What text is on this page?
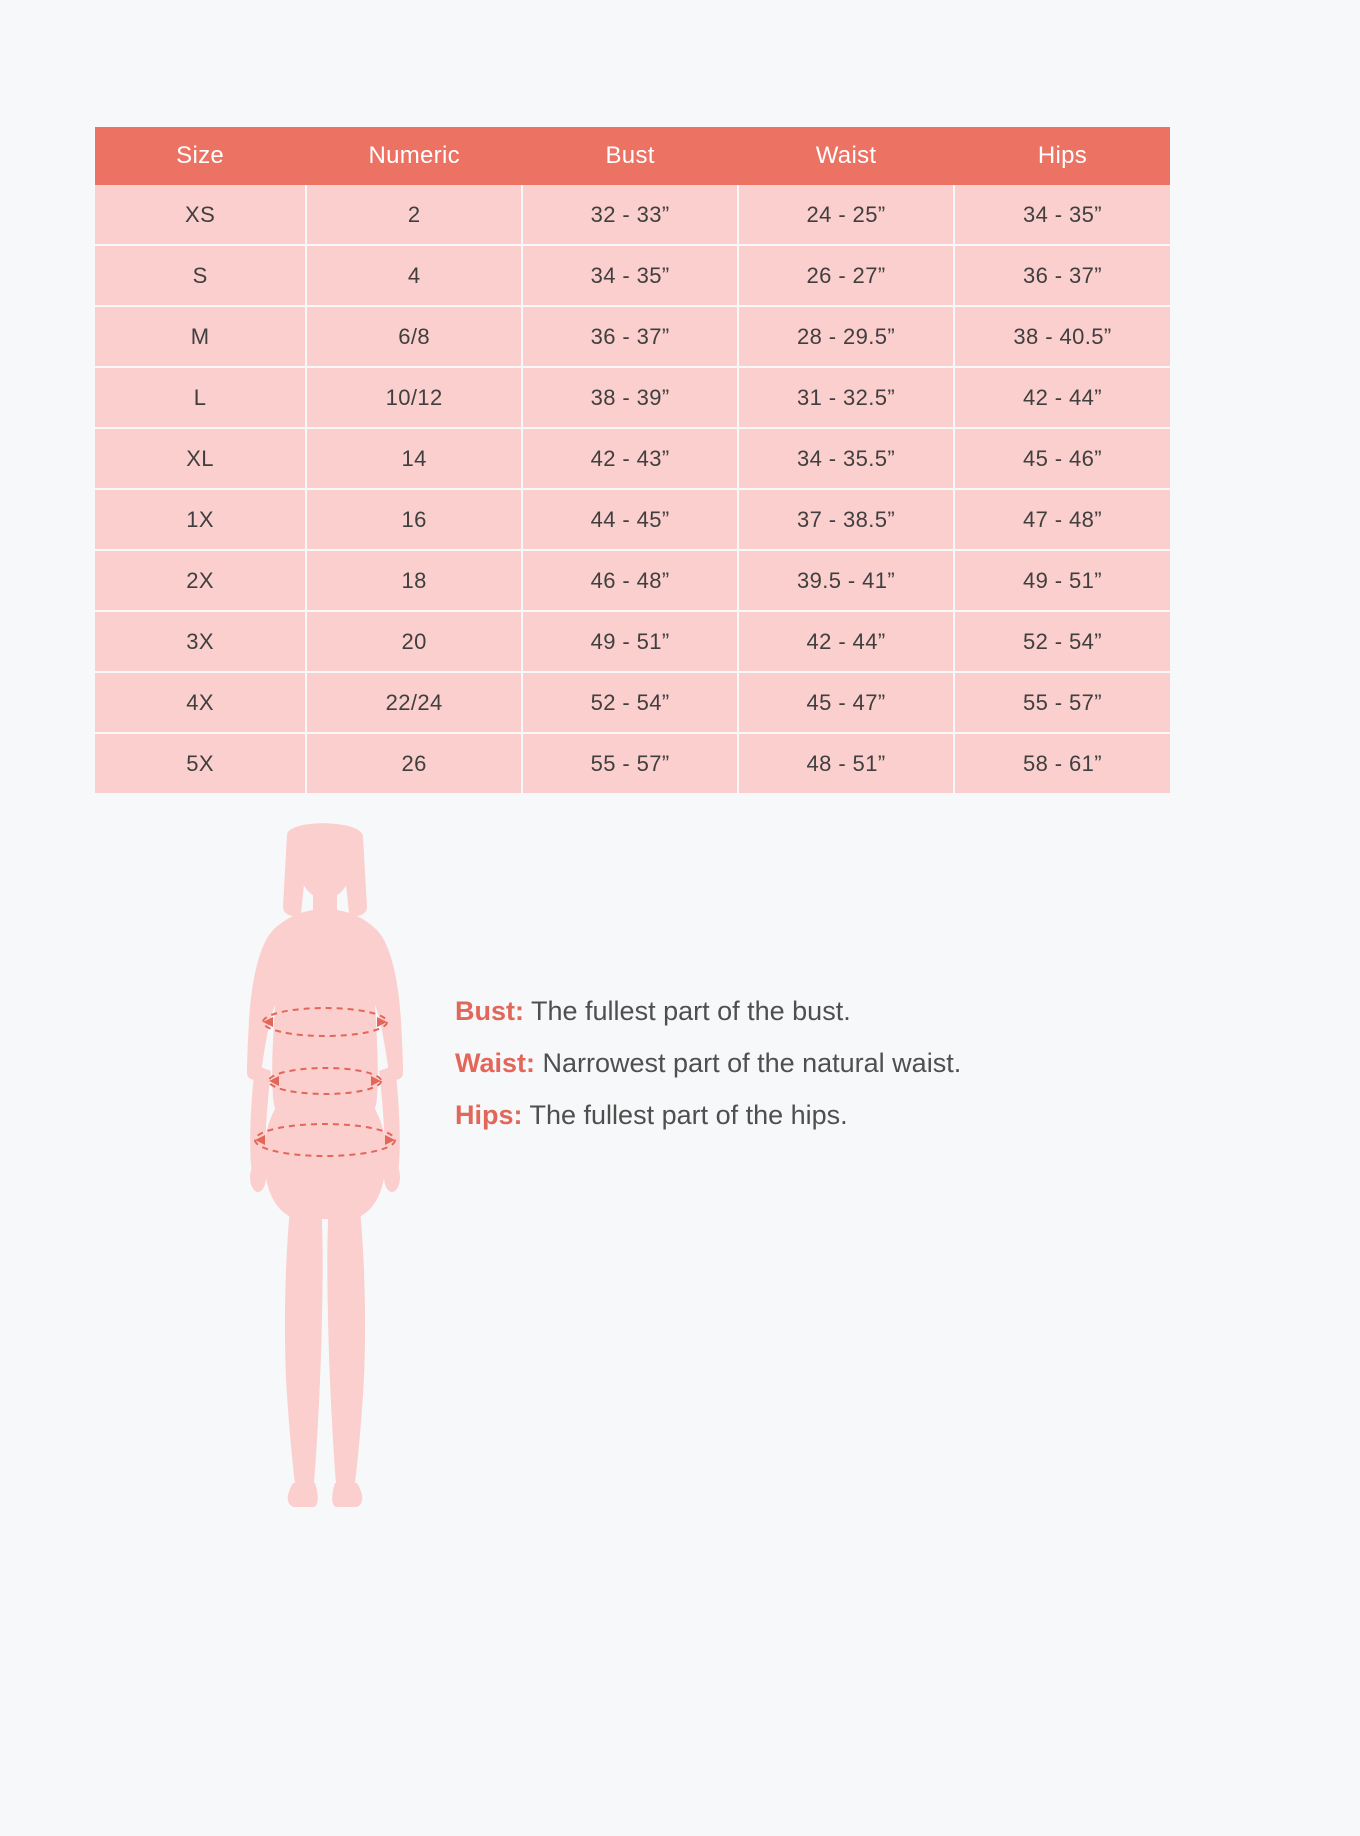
Size	Numeric	Bust	Waist	Hips
XS	2	32 - 33”	24 - 25”	34 - 35”
S	4	34 - 35”	26 - 27”	36 - 37”
M	6/8	36 - 37”	28 - 29.5”	38 - 40.5”
L	10/12	38 - 39”	31 - 32.5”	42 - 44”
XL	14	42 - 43”	34 - 35.5”	45 - 46”
1X	16	44 - 45”	37 - 38.5”	47 - 48”
2X	18	46 - 48”	39.5 - 41”	49 - 51”
3X	20	49 - 51”	42 - 44”	52 - 54”
4X	22/24	52 - 54”	45 - 47”	55 - 57”
5X	26	55 - 57”	48 - 51”	58 - 61”
Bust: The fullest part of the bust.
Waist: Narrowest part of the natural waist.
Hips: The fullest part of the hips.
